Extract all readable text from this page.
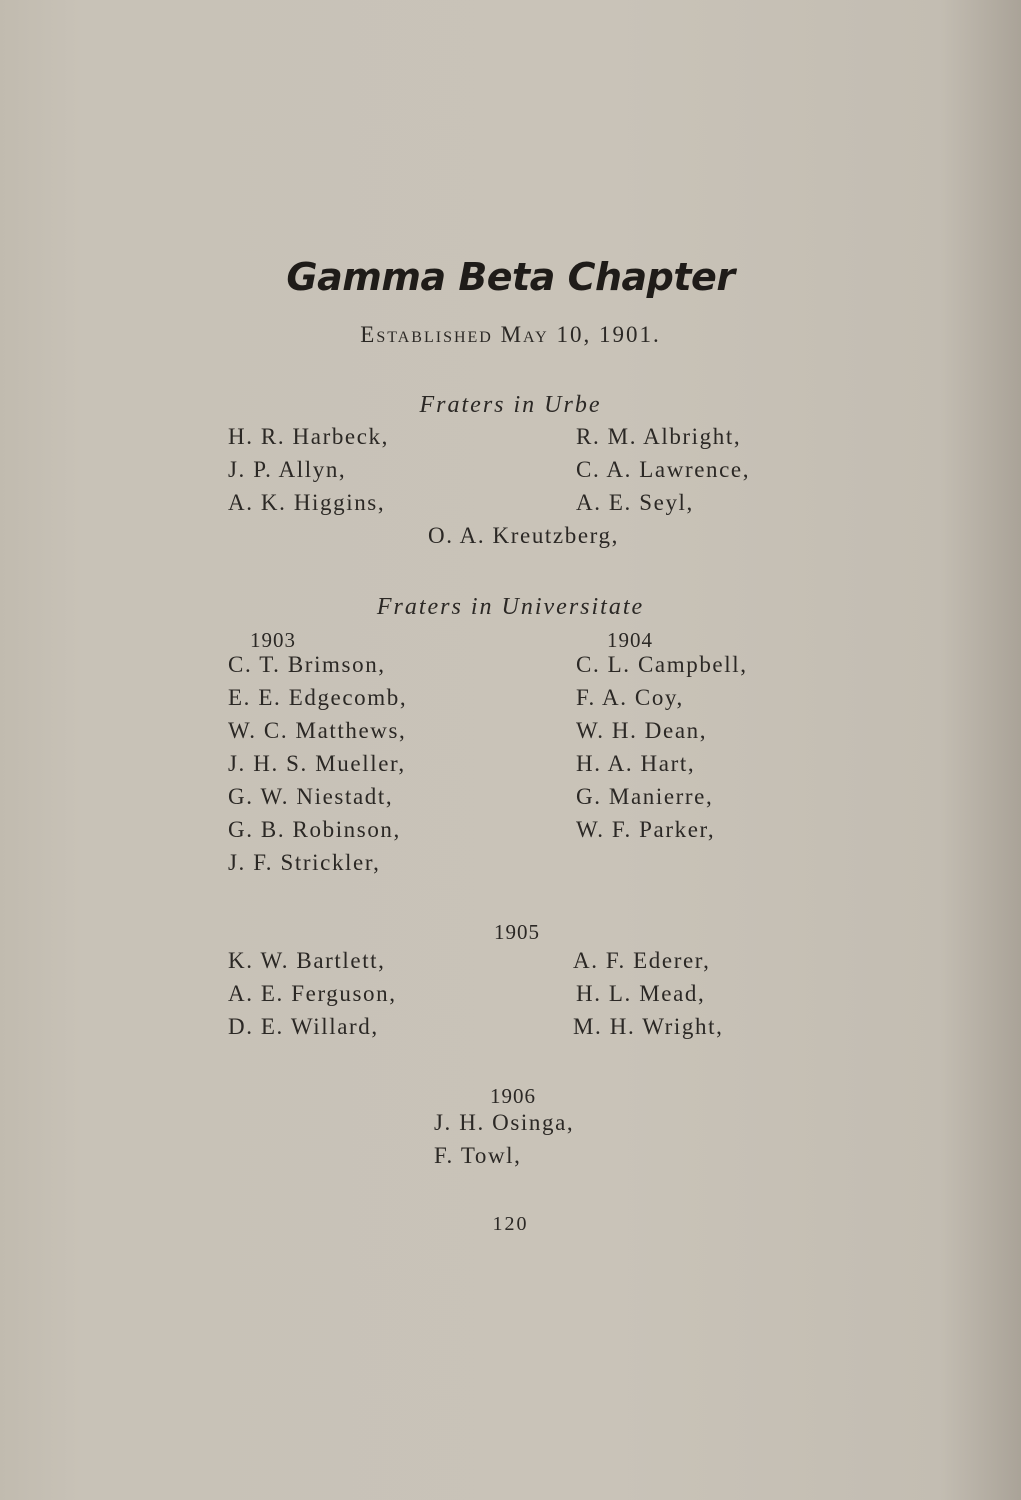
Gamma Beta Chapter
Established May 10, 1901.
Fraters in Urbe
H. R. Harbeck,
J. P. Allyn,
A. K. Higgins,
R. M. Albright,
C. A. Lawrence,
A. E. Seyl,
O. A. Kreutzberg,
Fraters in Universitate
1903	1904
C. T. Brimson,
E. E. Edgecomb,
W. C. Matthews,
J. H. S. Mueller,
G. W. Niestadt,
G. B. Robinson,
J. F. Strickler,
C. L. Campbell,
F. A. Coy,
W. H. Dean,
H. A. Hart,
G. Manierre,
W. F. Parker,
1905
K. W. Bartlett,
A. E. Ferguson,
D. E. Willard,
A. F. Ederer,
H. L. Mead,
M. H. Wright,
1906
J. H. Osinga,
F. Towl,
120
